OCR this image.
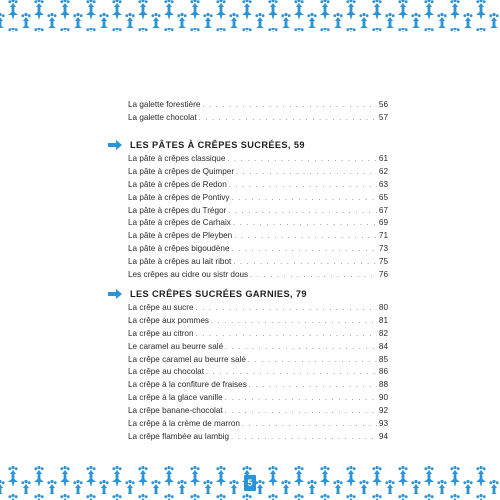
La galette forestière . . .	56
La galette chocolat . . .	57
LES PÂTES À CRÊPES SUCRÉES, 59
La pâte à crêpes classique . . .	61
La pâte à crêpes de Quimper . . .	62
La pâte à crêpes de Redon . . .	63
La pâte à crêpes de Pontivy . . .	65
La pâte à crêpes du Trégor . . .	67
La pâte à crêpes de Carhaix . . .	69
La pâte à crêpes de Pleyben . . .	71
La pâte à crêpes bigoudène . . .	73
La pâte à crêpes au lait ribot . . .	75
Les crêpes au cidre ou sistr dous . . .	76
LES CRÊPES SUCRÉES GARNIES, 79
La crêpe au sucre . . .	80
La crêpe aux pommes . . .	81
La crêpe au citron . . .	82
Le caramel au beurre salé . . .	84
La crêpe caramel au beurre salé . . .	85
La crêpe au chocolat . . .	86
La crêpe à la confiture de fraises . . .	88
La crêpe à la glace vanille . . .	90
La crêpe banane-chocolat . . .	92
La crêpe à la crème de marron . . .	93
La crêpe flambée au lambig . . .	94
5
